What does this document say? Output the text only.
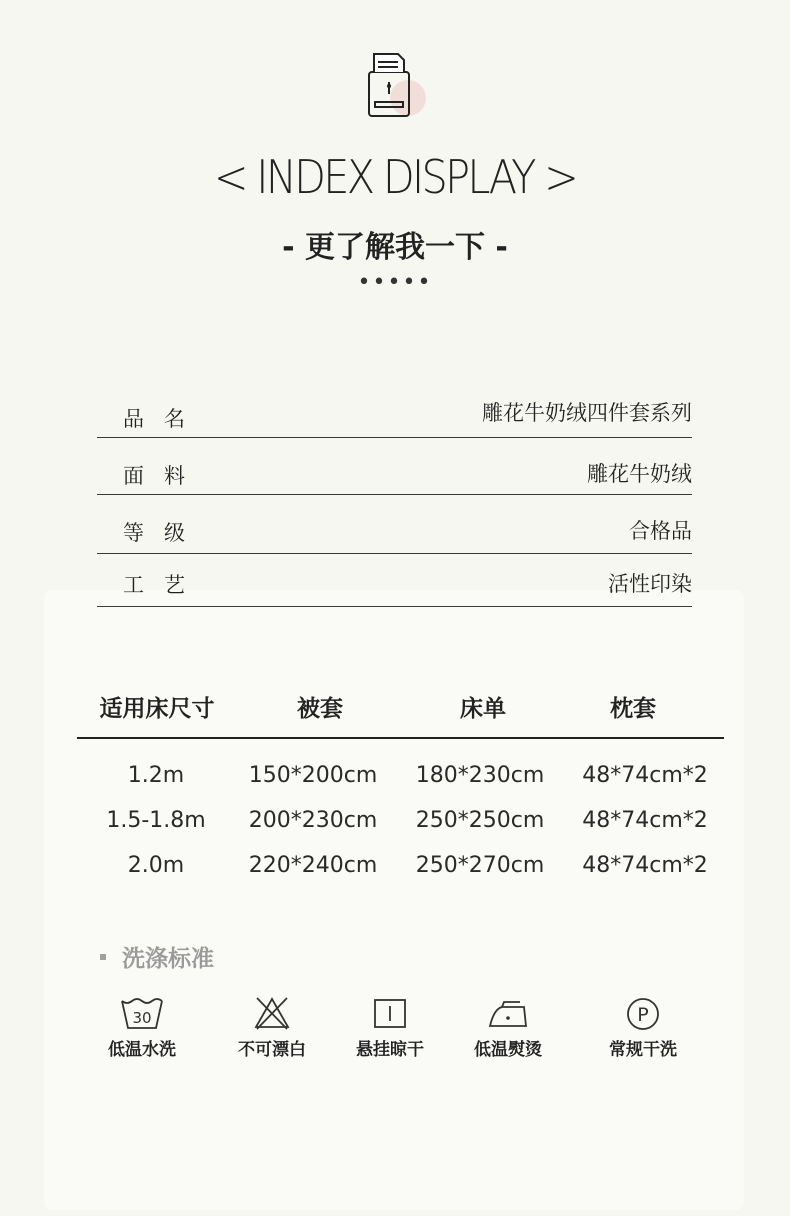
< INDEX DISPLAY >
- 更了解我一下 -
•••••
品名	雕花牛奶绒四件套系列
面料	雕花牛奶绒
等级	合格品
工艺	活性印染
适用床尺寸	被套	床单	枕套
1.2m	150*200cm 180*230cm 48*74cm*2
1.5-1.8m 200*230cm 250*250cm 48*74cm*2
2.0m	220*240cm 250*270cm 48*74cm*2
洗涤标准
30
低温水洗	不可漂白	悬挂晾干	低温熨烫
P
常规干洗
